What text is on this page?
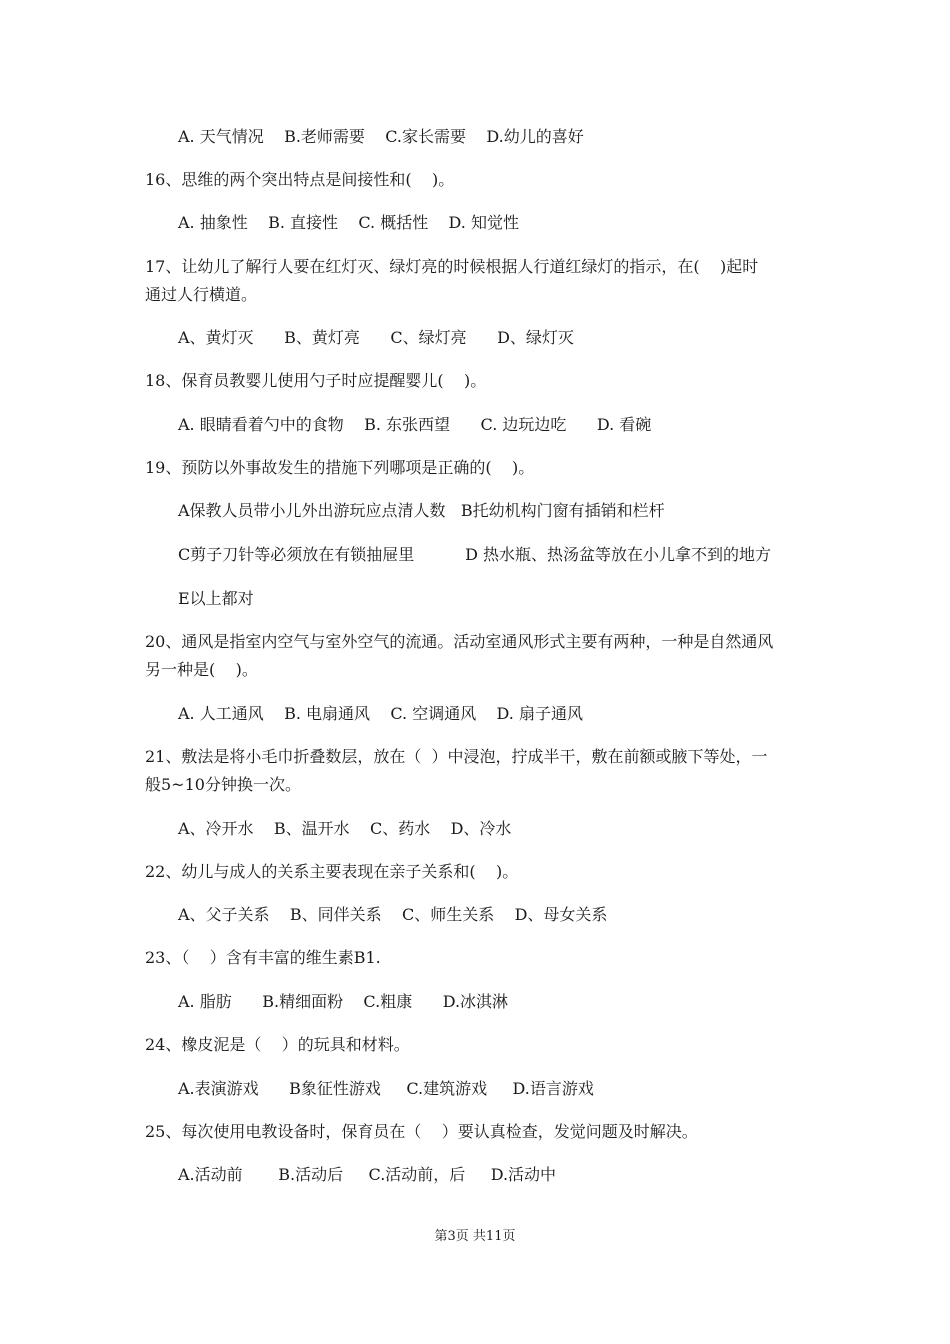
A. 天气情况    B.老师需要    C.家长需要    D.幼儿的喜好
16、思维的两个突出特点是间接性和(    )。
A. 抽象性    B. 直接性    C. 概括性    D. 知觉性
17、让幼儿了解行人要在红灯灭、绿灯亮的时候根据人行道红绿灯的指示，在(    )起时
通过人行横道。
A、黄灯灭      B、黄灯亮      C、绿灯亮      D、绿灯灭
18、保育员教婴儿使用勺子时应提醒婴儿(    )。
A. 眼睛看着勺中的食物    B. 东张西望      C. 边玩边吃      D. 看碗
19、预防以外事故发生的措施下列哪项是正确的(    )。
A保教人员带小儿外出游玩应点清人数   B托幼机构门窗有插销和栏杆
C剪子刀针等必须放在有锁抽屉里          D 热水瓶、热汤盆等放在小儿拿不到的地方
E以上都对
20、通风是指室内空气与室外空气的流通。活动室通风形式主要有两种，一种是自然通风
另一种是(    )。
A. 人工通风    B. 电扇通风    C. 空调通风    D. 扇子通风
21、敷法是将小毛巾折叠数层，放在（  ）中浸泡，拧成半干，敷在前额或腋下等处，一
般5~10分钟换一次。
A、冷开水    B、温开水    C、药水    D、冷水
22、幼儿与成人的关系主要表现在亲子关系和(    )。
A、父子关系    B、同伴关系    C、师生关系    D、母女关系
23、（    ）含有丰富的维生素B1.
A. 脂肪      B.精细面粉    C.粗康      D.冰淇淋
24、橡皮泥是（    ）的玩具和材料。
A.表演游戏      B象征性游戏     C.建筑游戏     D.语言游戏
25、每次使用电教设备时，保育员在（    ）要认真检查，发觉问题及时解决。
A.活动前       B.活动后     C.活动前，后     D.活动中
第3页 共11页
